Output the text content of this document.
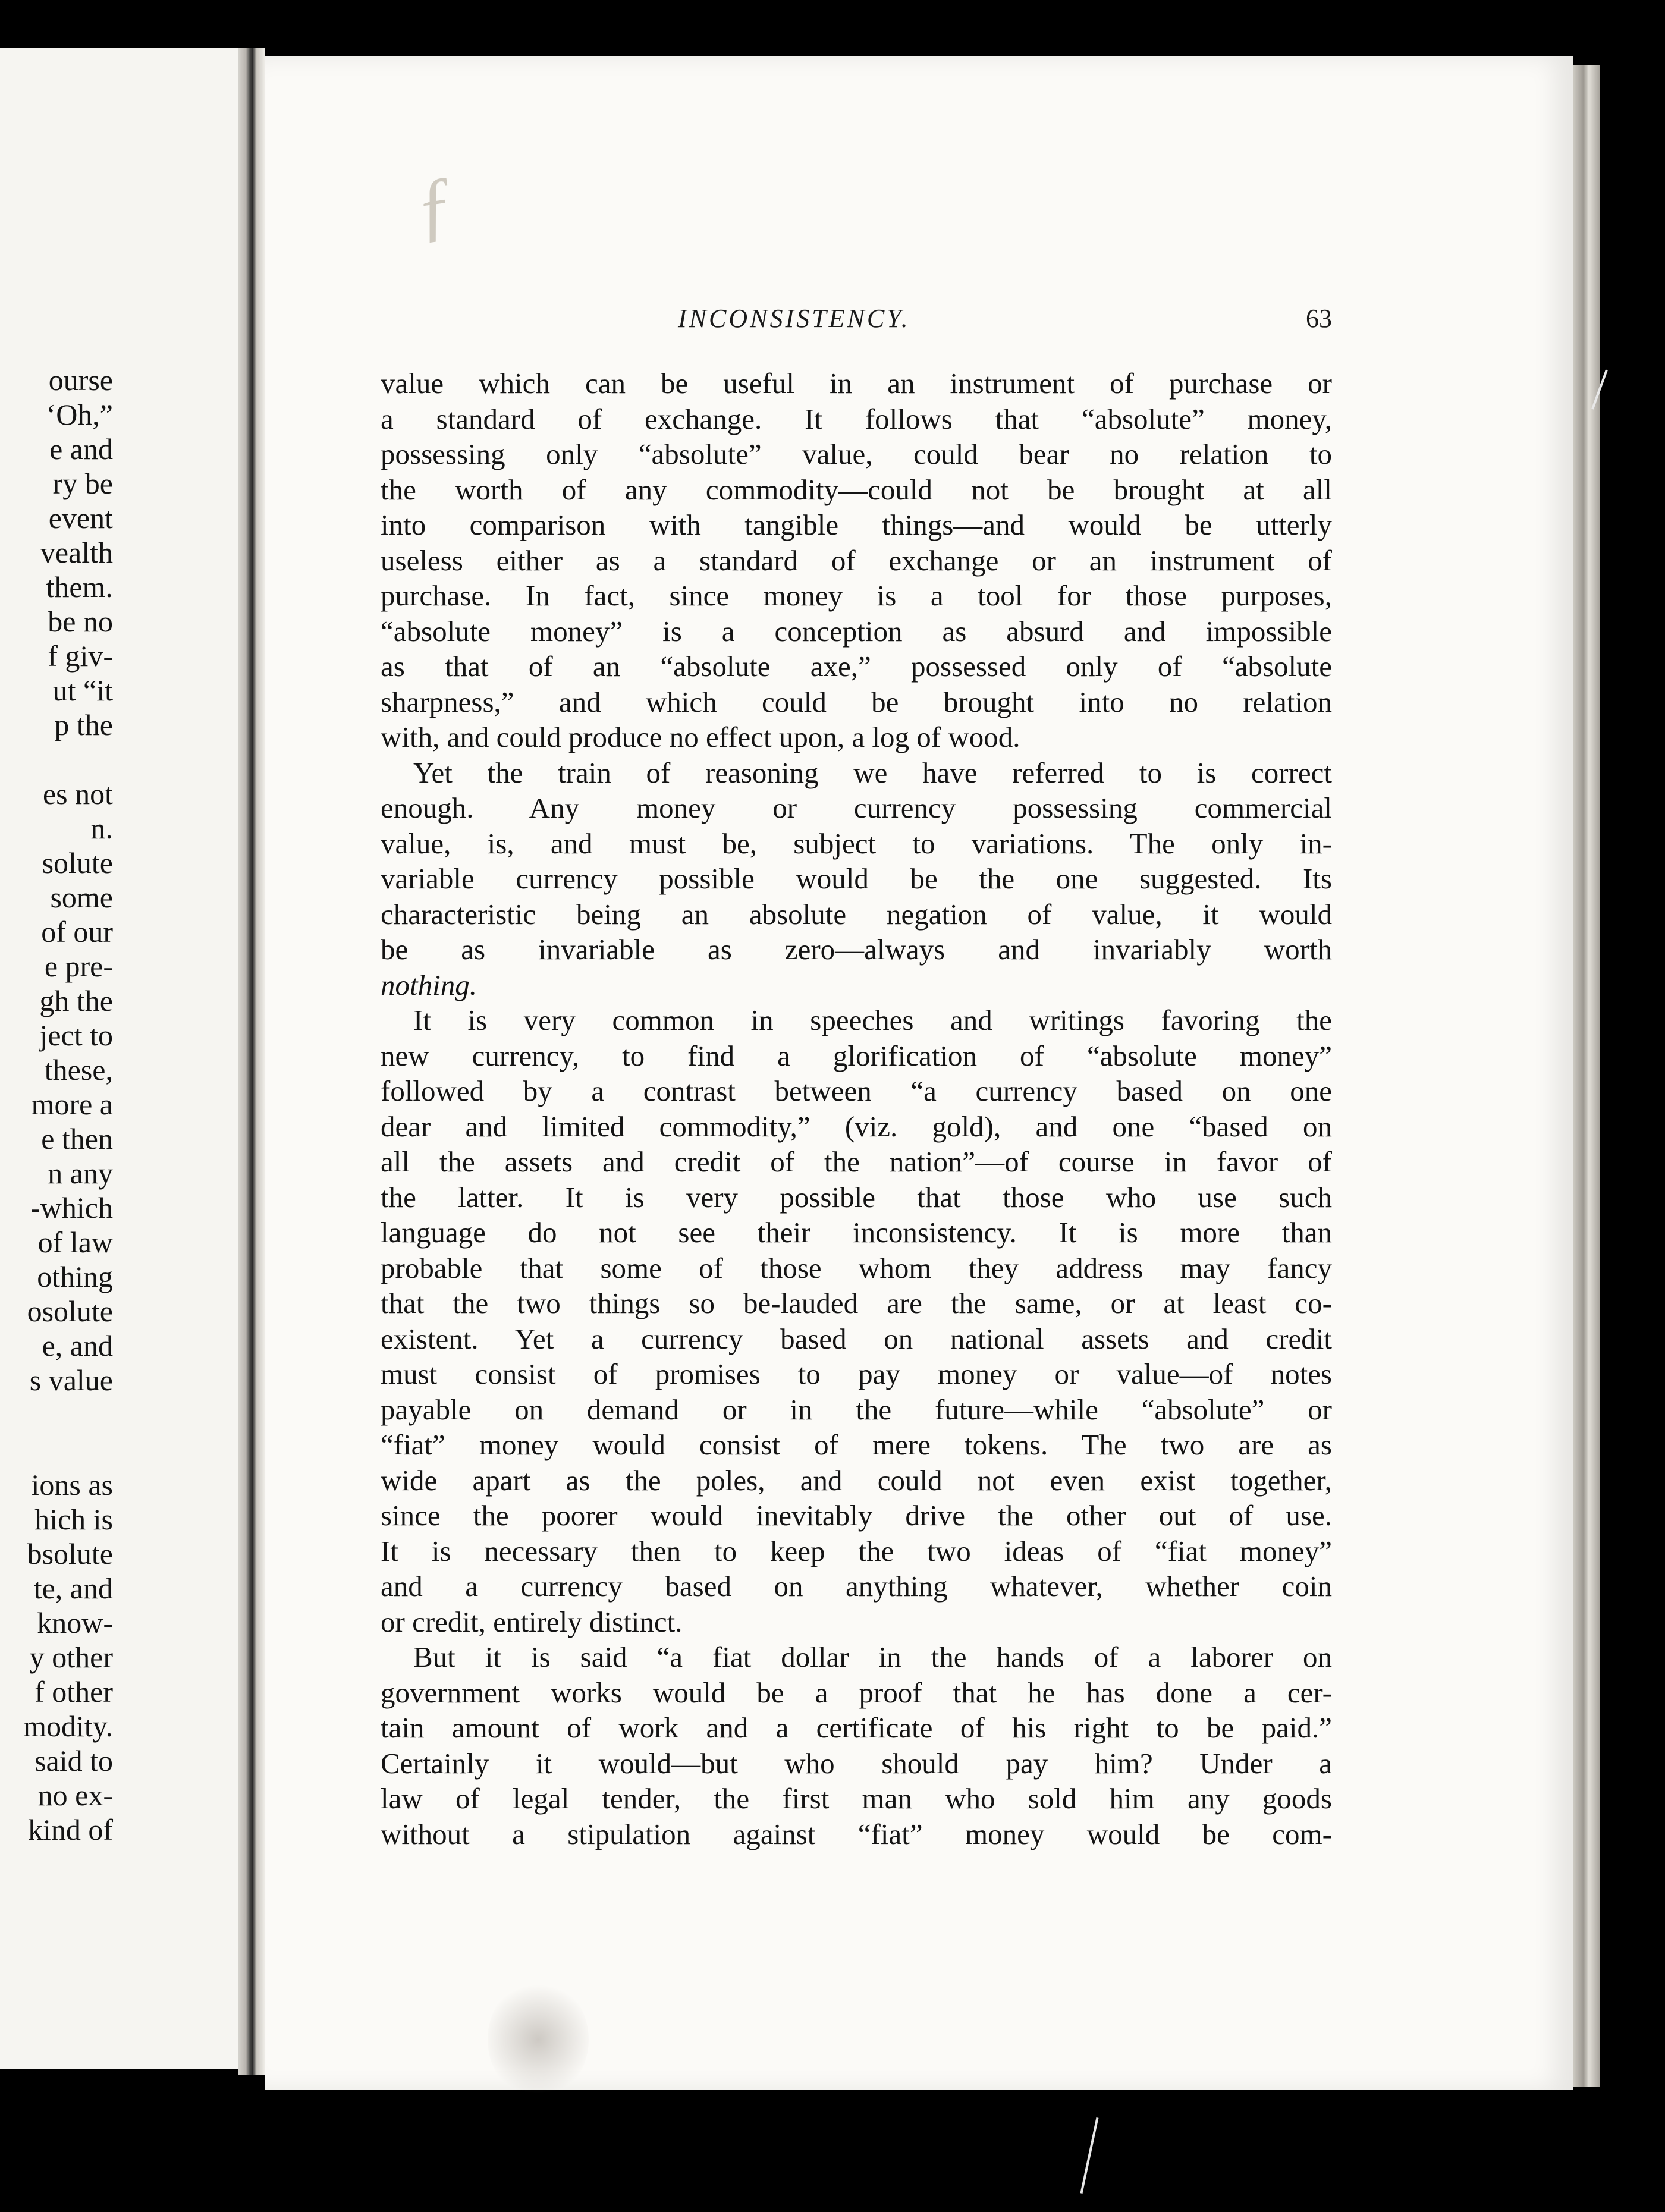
ourse
‘Oh,”
e and
ry be
event
vealth
them.
be no
f giv-
ut “it
p the
es not
n.
solute
some
of our
e pre-
gh the
ject to
these,
more a
e then
n any
-which
of law
othing
osolute
e, and
s value
ions as
hich is
bsolute
te, and
know-
y other
f other
modity.
said to
no ex-
kind of
ƒ
INCONSISTENCY.	63
value which can be useful in an instrument of purchase or
a standard of exchange. It follows that “absolute” money,
possessing only “absolute” value, could bear no relation to
the worth of any commodity—could not be brought at all
into comparison with tangible things—and would be utterly
useless either as a standard of exchange or an instrument of
purchase. In fact, since money is a tool for those purposes,
“absolute money” is a conception as absurd and impossible
as that of an “absolute axe,” possessed only of “absolute
sharpness,” and which could be brought into no relation
with, and could produce no effect upon, a log of wood.
Yet the train of reasoning we have referred to is correct
enough. Any money or currency possessing commercial
value, is, and must be, subject to variations. The only in-
variable currency possible would be the one suggested. Its
characteristic being an absolute negation of value, it would
be as invariable as zero—always and invariably worth
nothing.
It is very common in speeches and writings favoring the
new currency, to find a glorification of “absolute money”
followed by a contrast between “a currency based on one
dear and limited commodity,” (viz. gold), and one “based on
all the assets and credit of the nation”—of course in favor of
the latter. It is very possible that those who use such
language do not see their inconsistency. It is more than
probable that some of those whom they address may fancy
that the two things so be-lauded are the same, or at least co-
existent. Yet a currency based on national assets and credit
must consist of promises to pay money or value—of notes
payable on demand or in the future—while “absolute” or
“fiat” money would consist of mere tokens. The two are as
wide apart as the poles, and could not even exist together,
since the poorer would inevitably drive the other out of use.
It is necessary then to keep the two ideas of “fiat money”
and a currency based on anything whatever, whether coin
or credit, entirely distinct.
But it is said “a fiat dollar in the hands of a laborer on
government works would be a proof that he has done a cer-
tain amount of work and a certificate of his right to be paid.”
Certainly it would—but who should pay him? Under a
law of legal tender, the first man who sold him any goods
without a stipulation against “fiat” money would be com-
